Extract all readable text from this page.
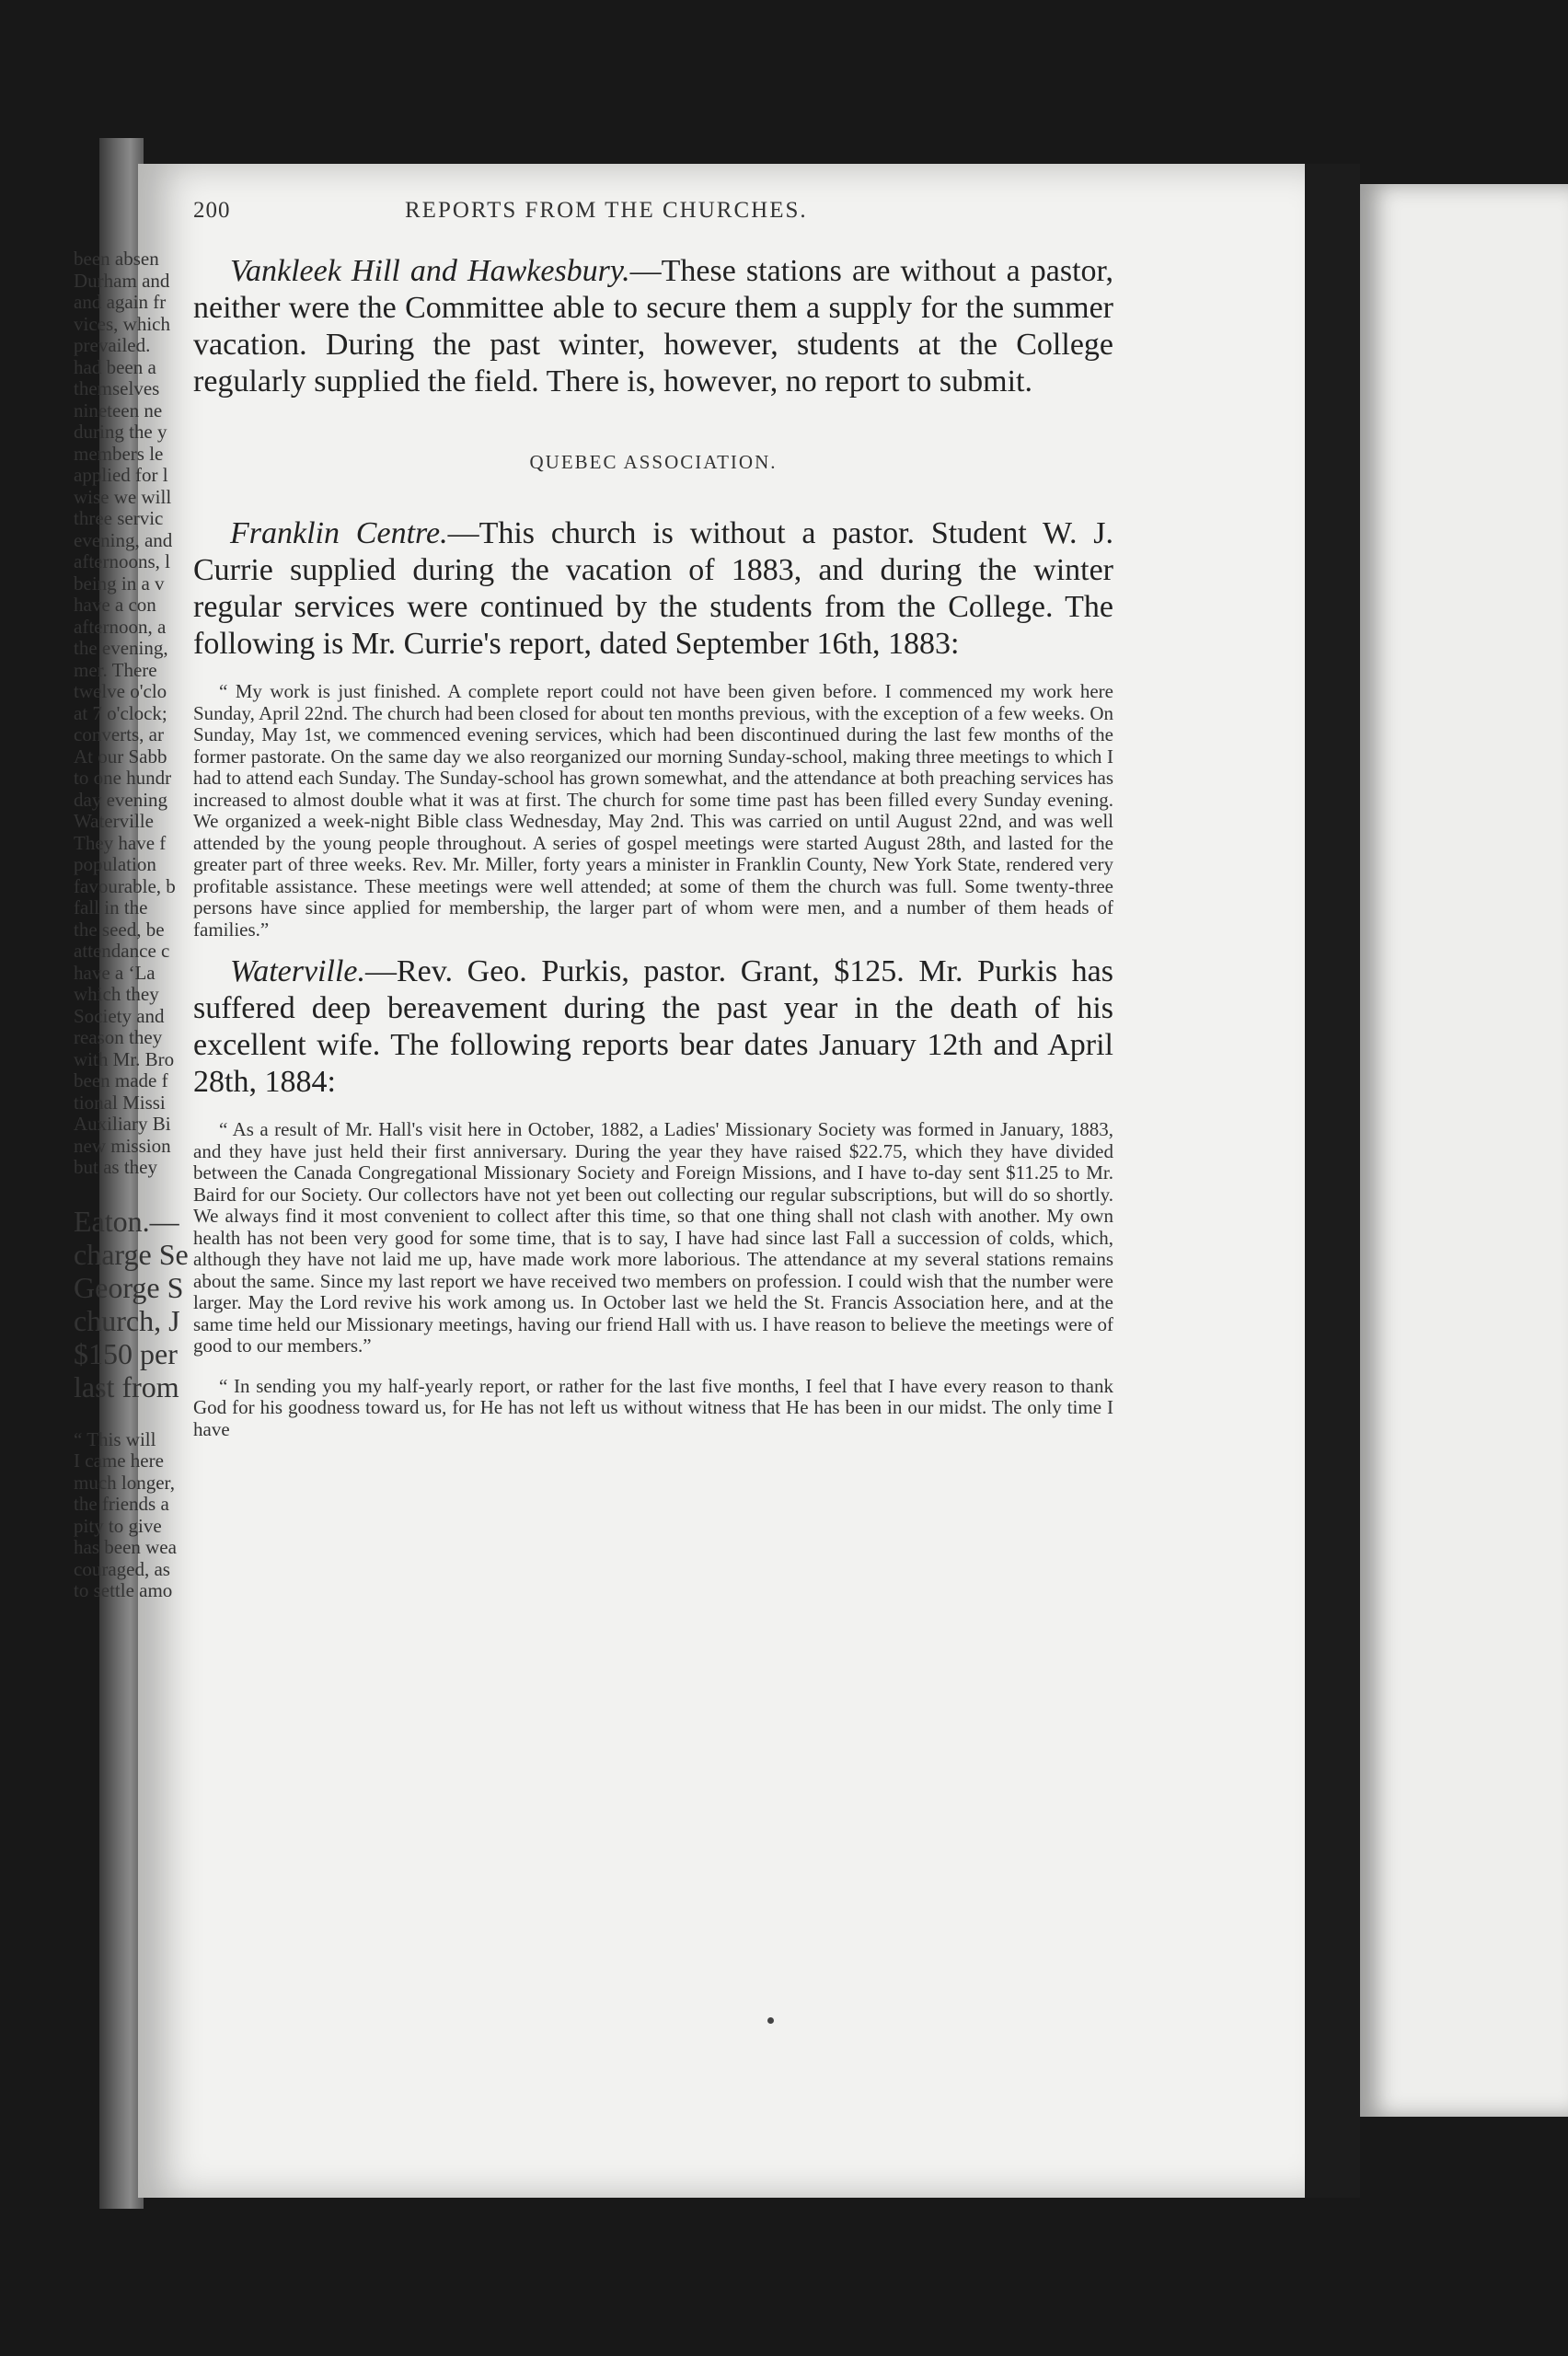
200	REPORTS FROM THE CHURCHES.

Vankleek Hill and Hawkesbury.—These stations are without a pastor, neither were the Committee able to secure them a supply for the summer vacation. During the past winter, however, students at the College regularly supplied the field. There is, however, no report to submit.

QUEBEC ASSOCIATION.

Franklin Centre.—This church is without a pastor. Student W. J. Currie supplied during the vacation of 1883, and during the winter regular services were continued by the students from the College. The following is Mr. Currie's report, dated September 16th, 1883:

“ My work is just finished. A complete report could not have been given before. I commenced my work here Sunday, April 22nd. The church had been closed for about ten months previous, with the exception of a few weeks. On Sunday, May 1st, we commenced evening services, which had been discontinued during the last few months of the former pastorate. On the same day we also reorganized our morning Sunday-school, making three meetings to which I had to attend each Sunday. The Sunday-school has grown somewhat, and the attendance at both preaching services has increased to almost double what it was at first. The church for some time past has been filled every Sunday evening. We organized a week-night Bible class Wednesday, May 2nd. This was carried on until August 22nd, and was well attended by the young people throughout. A series of gospel meetings were started August 28th, and lasted for the greater part of three weeks. Rev. Mr. Miller, forty years a minister in Franklin County, New York State, rendered very profitable assistance. These meetings were well attended; at some of them the church was full. Some twenty-three persons have since applied for membership, the larger part of whom were men, and a number of them heads of families.”

Waterville.—Rev. Geo. Purkis, pastor. Grant, $125. Mr. Purkis has suffered deep bereavement during the past year in the death of his excellent wife. The following reports bear dates January 12th and April 28th, 1884:

“ As a result of Mr. Hall's visit here in October, 1882, a Ladies' Missionary Society was formed in January, 1883, and they have just held their first anniversary. During the year they have raised $22.75, which they have divided between the Canada Congregational Missionary Society and Foreign Missions, and I have to-day sent $11.25 to Mr. Baird for our Society. Our collectors have not yet been out collecting our regular subscriptions, but will do so shortly. We always find it most convenient to collect after this time, so that one thing shall not clash with another. My own health has not been very good for some time, that is to say, I have had since last Fall a succession of colds, which, although they have not laid me up, have made work more laborious. The attendance at my several stations remains about the same. Since my last report we have received two members on profession. I could wish that the number were larger. May the Lord revive his work among us. In October last we held the St. Francis Association here, and at the same time held our Missionary meetings, having our friend Hall with us. I have reason to believe the meetings were of good to our members.”

“ In sending you my half-yearly report, or rather for the last five months, I feel that I have every reason to thank God for his goodness toward us, for He has not left us without witness that He has been in our midst. The only time I have

been absen
Durham and
and again fr
vices, which
prevailed.
had been a
themselves
nineteen ne
during the y
members le
applied for l
wise we will
three servic
evening, and
afternoons, l
being in a v
have a con
afternoon, a
the evening,
mer. There
twelve o'clo
at 7 o'clock;
converts, ar
At our Sabb
to one hundr
day evening
Waterville
They have f
population
favourable, b
fall in the
the seed, be
attendance c
have a ‘La
which they
Society and
reason they
with Mr. Bro
been made f
tional Missi
Auxiliary Bi
new mission
but as they
Eaton.—
charge Se
George S
church, J
$150 per
last from
“ This will
I came here
much longer,
the friends a
pity to give
has been wea
couraged, as
to settle amo
